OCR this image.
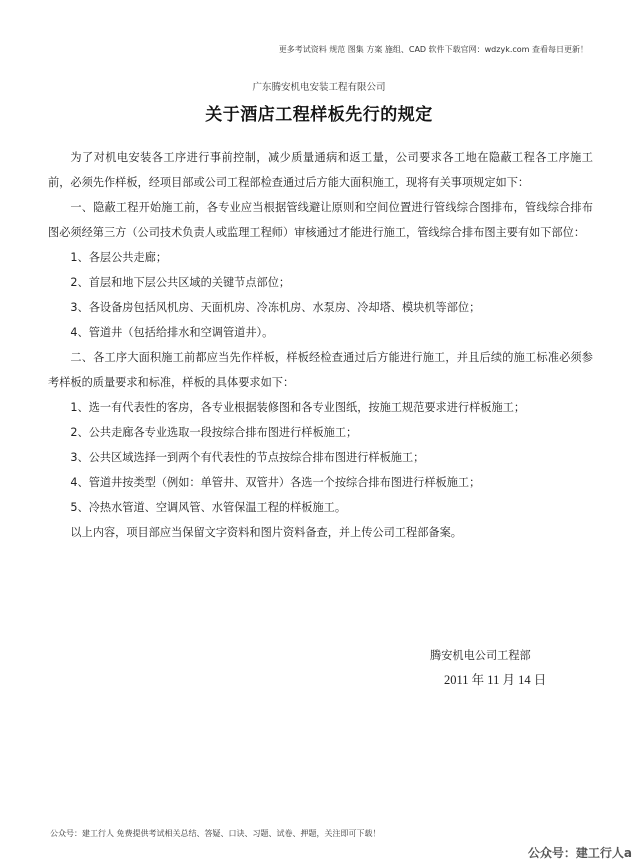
更多考试资料 规范 图集 方案 施组、CAD 软件下载官网：wdzyk.com 查看每日更新！
广东腾安机电安装工程有限公司
关于酒店工程样板先行的规定

为了对机电安装各工序进行事前控制，减少质量通病和返工量，公司要求各工地在隐蔽工程各工序施工前，必须先作样板，经项目部或公司工程部检查通过后方能大面积施工，现将有关事项规定如下：

一、隐蔽工程开始施工前，各专业应当根据管线避让原则和空间位置进行管线综合图排布，管线综合排布图必须经第三方（公司技术负责人或监理工程师）审核通过才能进行施工，管线综合排布图主要有如下部位：

1、各层公共走廊；

2、首层和地下层公共区域的关键节点部位；

3、各设备房包括风机房、天面机房、冷冻机房、水泵房、冷却塔、模块机等部位；

4、管道井（包括给排水和空调管道井）。

二、各工序大面积施工前都应当先作样板，样板经检查通过后方能进行施工，并且后续的施工标准必须参考样板的质量要求和标准，样板的具体要求如下：

1、选一有代表性的客房，各专业根据装修图和各专业图纸，按施工规范要求进行样板施工；

2、公共走廊各专业选取一段按综合排布图进行样板施工；

3、公共区域选择一到两个有代表性的节点按综合排布图进行样板施工；

4、管道井按类型（例如：单管井、双管井）各选一个按综合排布图进行样板施工；

5、冷热水管道、空调风管、水管保温工程的样板施工。

以上内容，项目部应当保留文字资料和图片资料备查，并上传公司工程部备案。

腾安机电公司工程部
2011 年 11 月 14 日
公众号：建工行人 免费提供考试相关总结、答疑、口诀、习题、试卷、押题，关注即可下载！
公众号：建工行人a
